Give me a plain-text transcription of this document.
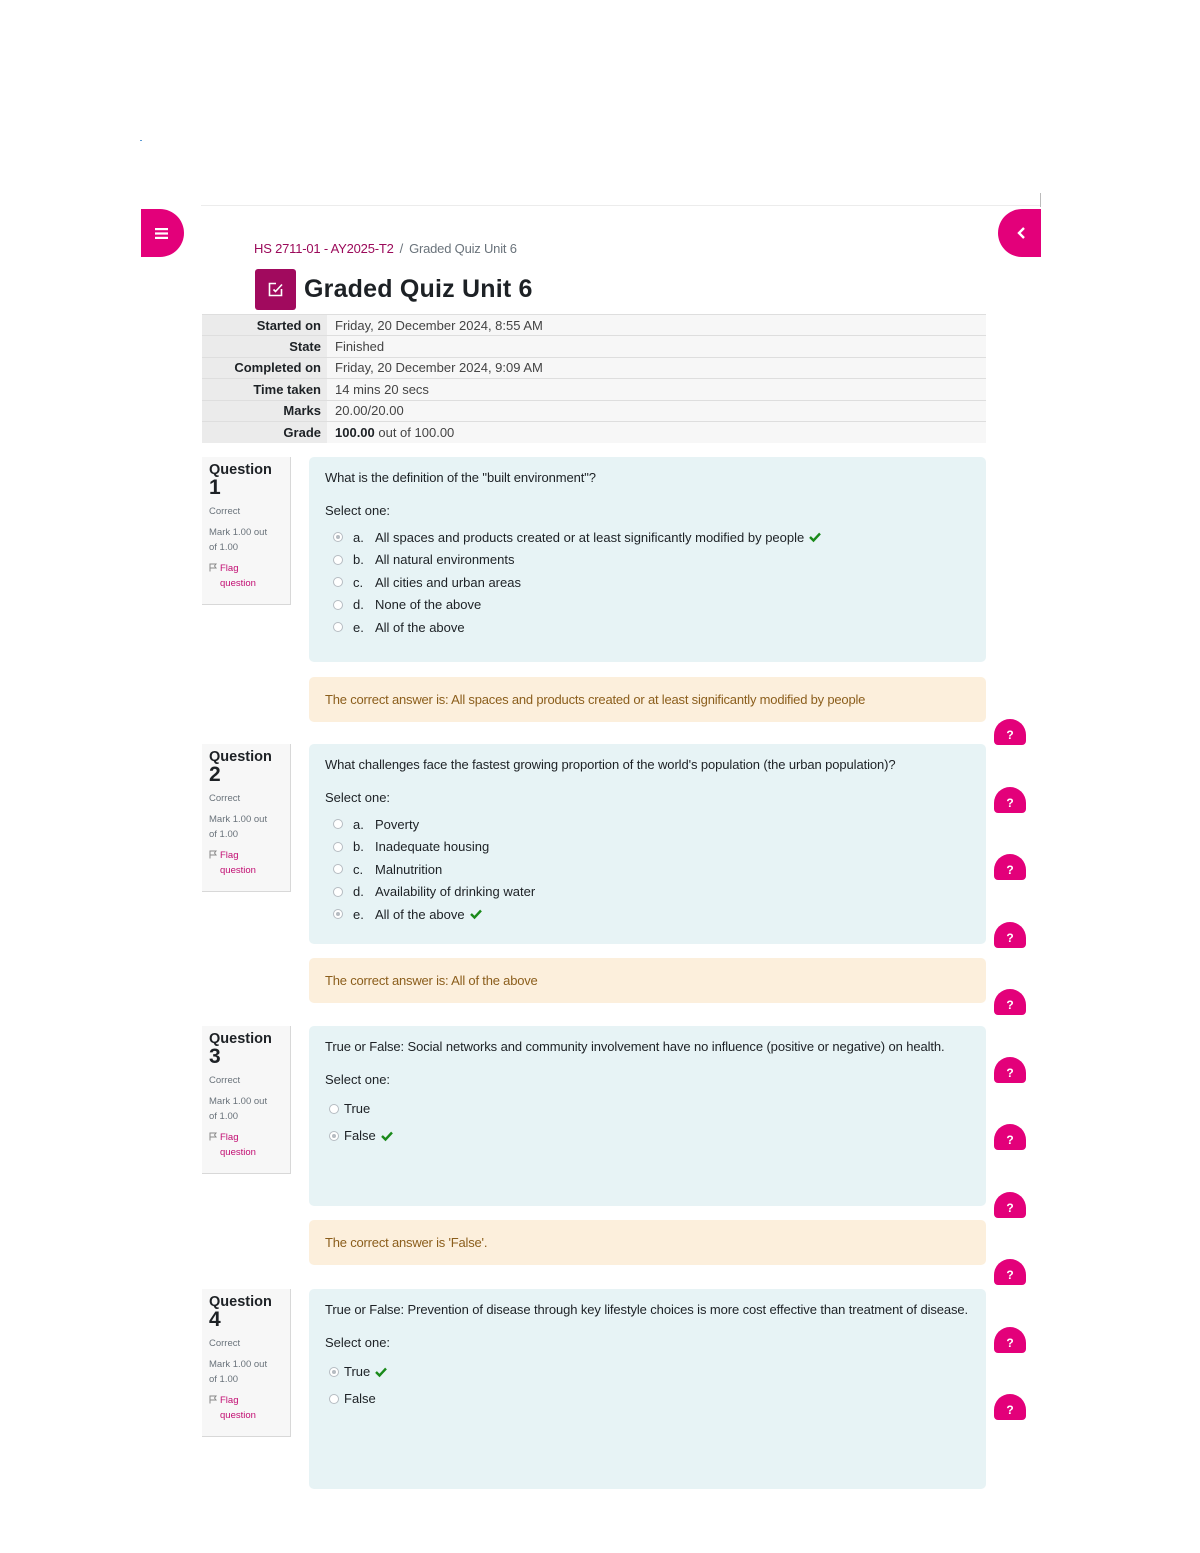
HS 2711-01 - AY2025-T2 / Graded Quiz Unit 6
Graded Quiz Unit 6
Started on	Friday, 20 December 2024, 8:55 AM
State	Finished
Completed on	Friday, 20 December 2024, 9:09 AM
Time taken	14 mins 20 secs
Marks	20.00/20.00
Grade	100.00 out of 100.00
Question
1
Correct
Mark 1.00 out
of 1.00
Flag
question
What is the definition of the "built environment"?
Select one:
a. All spaces and products created or at least significantly modified by people
b. All natural environments
c. All cities and urban areas
d. None of the above
e. All of the above
The correct answer is: All spaces and products created or at least significantly modified by people
Question
2
Correct
Mark 1.00 out
of 1.00
Flag
question
What challenges face the fastest growing proportion of the world's population (the urban population)?
Select one:
a. Poverty
b. Inadequate housing
c. Malnutrition
d. Availability of drinking water
e. All of the above
The correct answer is: All of the above
Question
3
Correct
Mark 1.00 out
of 1.00
Flag
question
True or False: Social networks and community involvement have no influence (positive or negative) on health.
Select one:
True
False
The correct answer is 'False'.
Question
4
Correct
Mark 1.00 out
of 1.00
Flag
question
True or False: Prevention of disease through key lifestyle choices is more cost effective than treatment of disease.
Select one:
True
False
?
?
?
?
?
?
?
?
?
?
?
